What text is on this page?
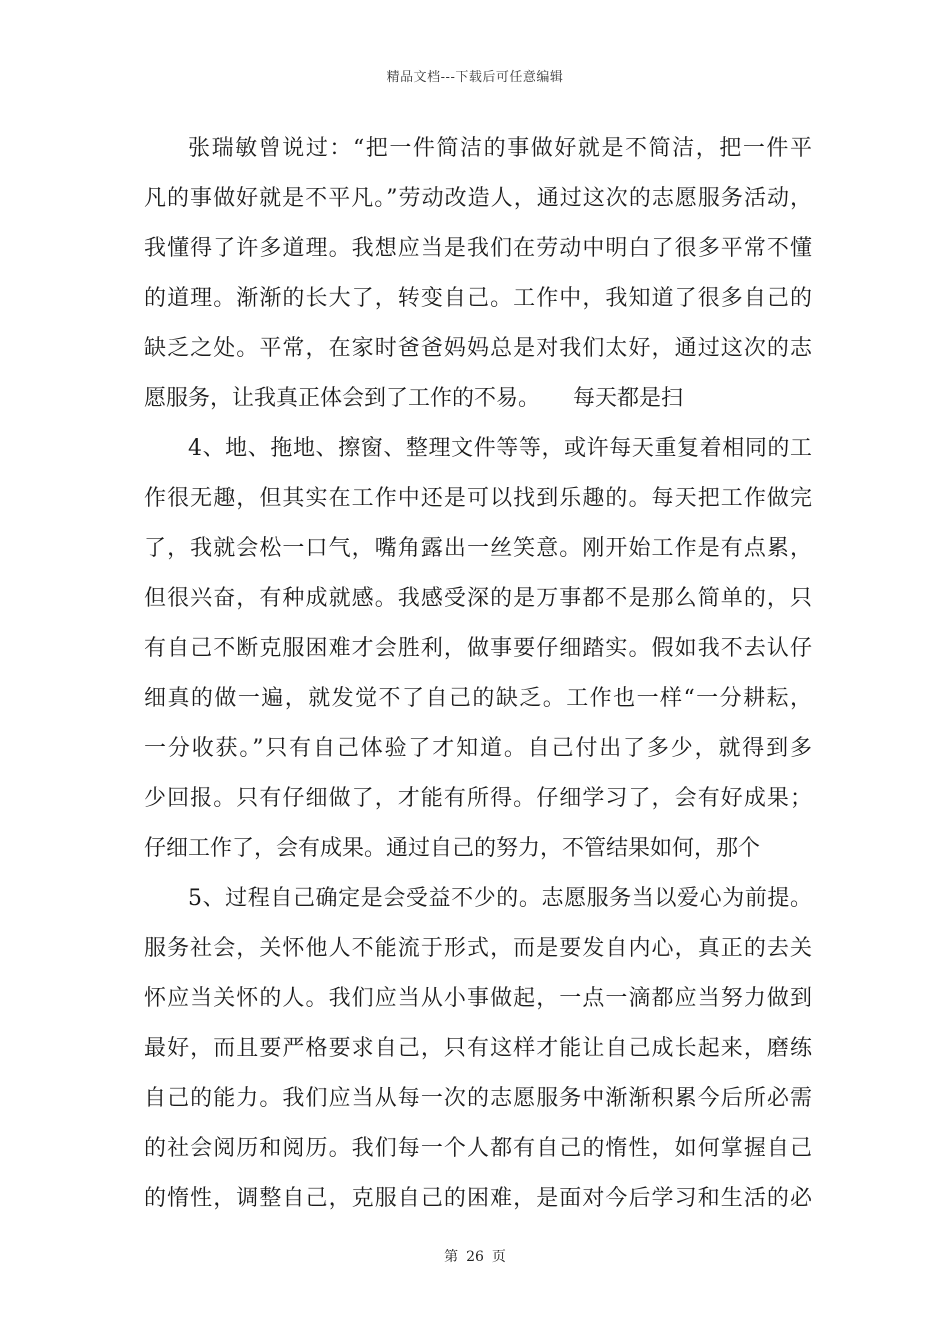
精品文档---下载后可任意编辑
张瑞敏曾说过：“把一件简洁的事做好就是不简洁，把一件平
凡的事做好就是不平凡。”劳动改造人，通过这次的志愿服务活动，
我懂得了许多道理。我想应当是我们在劳动中明白了很多平常不懂
的道理。渐渐的长大了，转变自己。工作中，我知道了很多自己的
缺乏之处。平常，在家时爸爸妈妈总是对我们太好，通过这次的志
愿服务，让我真正体会到了工作的不易。　　每天都是扫
4、地、拖地、擦窗、整理文件等等，或许每天重复着相同的工
作很无趣，但其实在工作中还是可以找到乐趣的。每天把工作做完
了，我就会松一口气，嘴角露出一丝笑意。刚开始工作是有点累，
但很兴奋，有种成就感。我感受深的是万事都不是那么简单的，只
有自己不断克服困难才会胜利，做事要仔细踏实。假如我不去认仔
细真的做一遍，就发觉不了自己的缺乏。工作也一样“一分耕耘，
一分收获。”只有自己体验了才知道。自己付出了多少，就得到多
少回报。只有仔细做了，才能有所得。仔细学习了，会有好成果；
仔细工作了，会有成果。通过自己的努力，不管结果如何，那个
5、过程自己确定是会受益不少的。志愿服务当以爱心为前提。
服务社会，关怀他人不能流于形式，而是要发自内心，真正的去关
怀应当关怀的人。我们应当从小事做起，一点一滴都应当努力做到
最好，而且要严格要求自己，只有这样才能让自己成长起来，磨练
自己的能力。我们应当从每一次的志愿服务中渐渐积累今后所必需
的社会阅历和阅历。我们每一个人都有自己的惰性，如何掌握自己
的惰性，调整自己，克服自己的困难，是面对今后学习和生活的必
第 26 页
